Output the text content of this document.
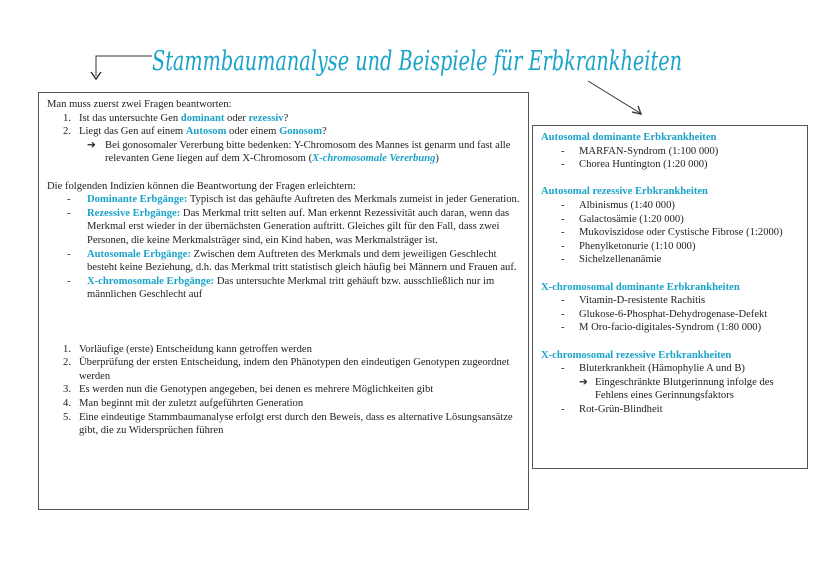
Stammbaumanalyse und Beispiele für Erbkrankheiten
Man muss zuerst zwei Fragen beantworten:
1. Ist das untersuchte Gen dominant oder rezessiv?
2. Liegt das Gen auf einem Autosom oder einem Gonosom?
➔ Bei gonosomaler Vererbung bitte bedenken: Y-Chromosom des Mannes ist genarm und fast alle relevanten Gene liegen auf dem X-Chromosom (X-chromosomale Vererbung)
Die folgenden Indizien können die Beantwortung der Fragen erleichtern:
-	Dominante Erbgänge: Typisch ist das gehäufte Auftreten des Merkmals zumeist in jeder Generation.
-	Rezessive Erbgänge: Das Merkmal tritt selten auf. Man erkennt Rezessivität auch daran, wenn das Merkmal erst wieder in der übernächsten Generation auftritt. Gleiches gilt für den Fall, dass zwei Personen, die keine Merkmalsträger sind, ein Kind haben, was Merkmalsträger ist.
-	Autosomale Erbgänge: Zwischen dem Auftreten des Merkmals und dem jeweiligen Geschlecht besteht keine Beziehung, d.h. das Merkmal tritt statistisch gleich häufig bei Männern und Frauen auf.
-	X-chromosomale Erbgänge: Das untersuchte Merkmal tritt gehäuft bzw. ausschließlich nur im männlichen Geschlecht auf
1. Vorläufige (erste) Entscheidung kann getroffen werden
2. Überprüfung der ersten Entscheidung, indem den Phänotypen den eindeutigen Genotypen zugeordnet werden
3. Es werden nun die Genotypen angegeben, bei denen es mehrere Möglichkeiten gibt
4. Man beginnt mit der zuletzt aufgeführten Generation
5. Eine eindeutige Stammbaumanalyse erfolgt erst durch den Beweis, dass es alternative Lösungsansätze gibt, die zu Widersprüchen führen
Autosomal dominante Erbkrankheiten
-	MARFAN-Syndrom (1:100 000)
-	Chorea Huntington (1:20 000)
Autosomal rezessive Erbkrankheiten
-	Albinismus (1:40 000)
-	Galactosämie (1:20 000)
-	Mukoviszidose oder Cystische Fibrose (1:2000)
-	Phenylketonurie (1:10 000)
-	Sichelzellenanämie
X-chromosomal dominante Erbkrankheiten
-	Vitamin-D-resistente Rachitis
-	Glukose-6-Phosphat-Dehydrogenase-Defekt
-	M Oro-facio-digitales-Syndrom (1:80 000)
X-chromosomal rezessive Erbkrankheiten
-	Bluterkrankheit (Hämophylie A und B)
➔ Eingeschränkte Blutgerinnung infolge des Fehlens eines Gerinnungsfaktors
-	Rot-Grün-Blindheit
